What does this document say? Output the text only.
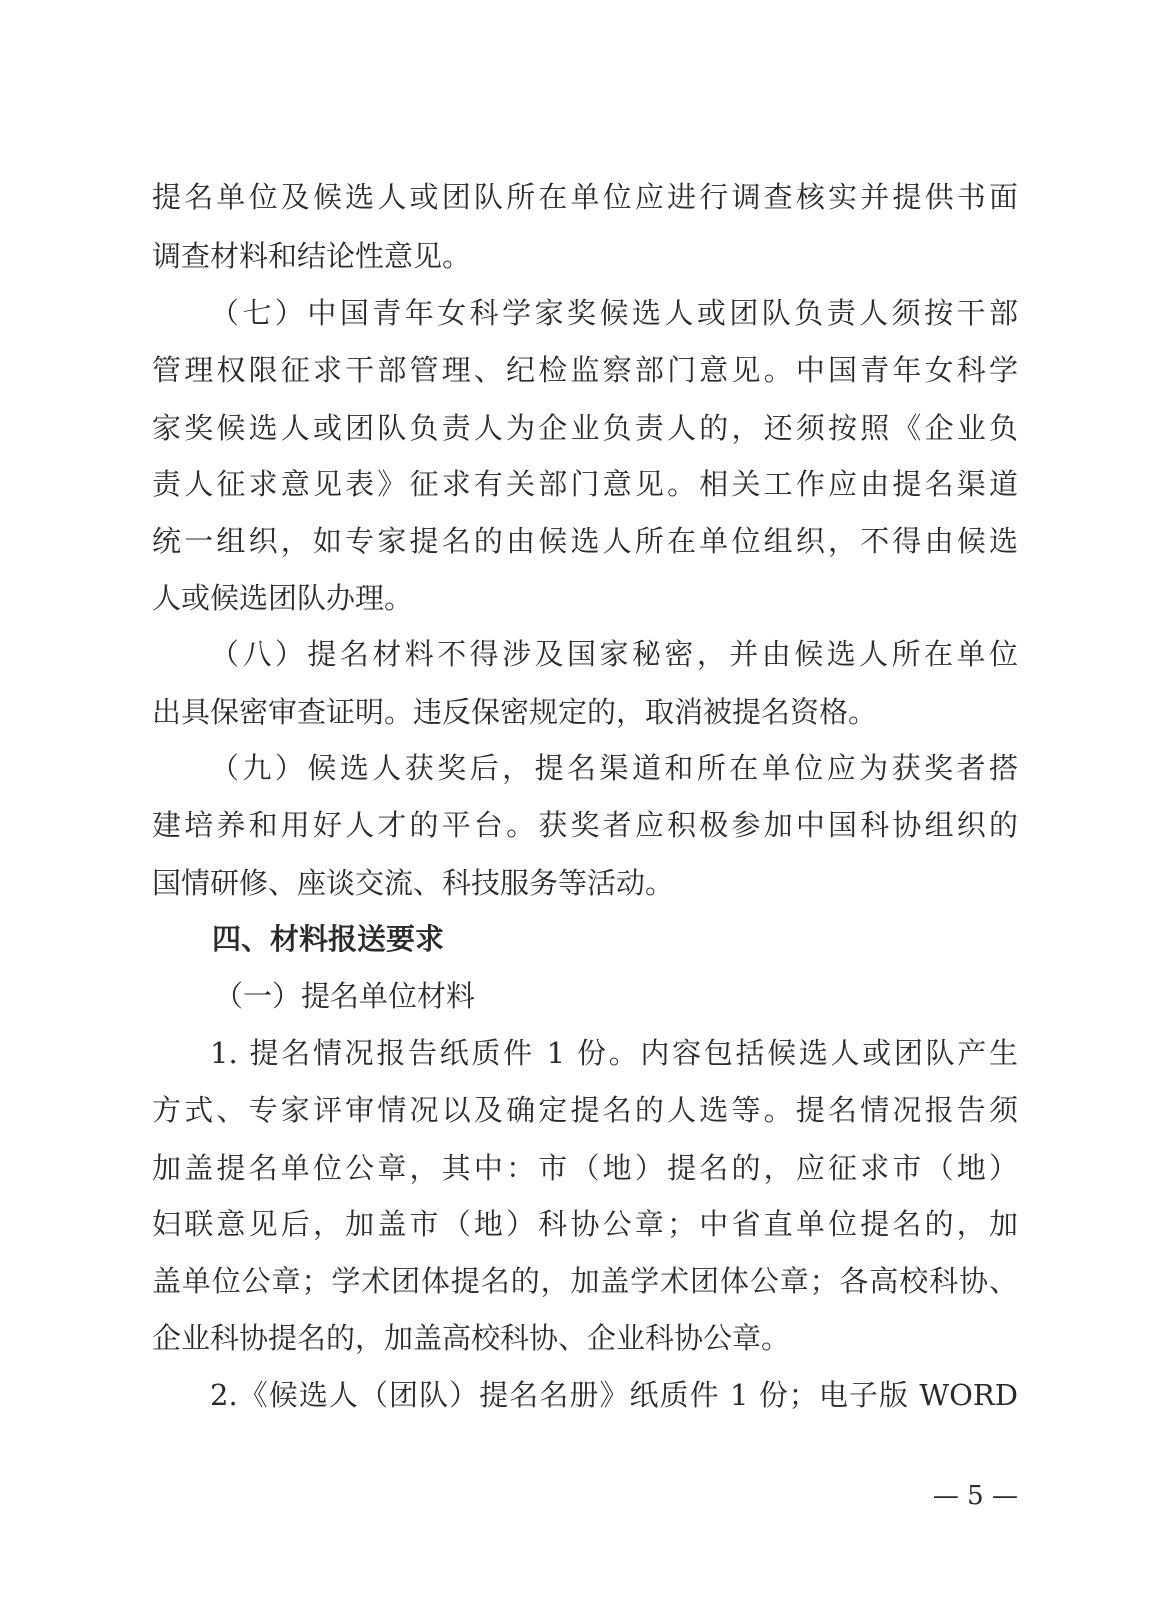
提名单位及候选人或团队所在单位应进行调查核实并提供书面
调查材料和结论性意见。
（七）中国青年女科学家奖候选人或团队负责人须按干部
管理权限征求干部管理、纪检监察部门意见。中国青年女科学
家奖候选人或团队负责人为企业负责人的，还须按照《企业负
责人征求意见表》征求有关部门意见。相关工作应由提名渠道
统一组织，如专家提名的由候选人所在单位组织，不得由候选
人或候选团队办理。
（八）提名材料不得涉及国家秘密，并由候选人所在单位
出具保密审查证明。违反保密规定的，取消被提名资格。
（九）候选人获奖后，提名渠道和所在单位应为获奖者搭
建培养和用好人才的平台。获奖者应积极参加中国科协组织的
国情研修、座谈交流、科技服务等活动。
四、材料报送要求
（一）提名单位材料
1. 提名情况报告纸质件 1 份。内容包括候选人或团队产生
方式、专家评审情况以及确定提名的人选等。提名情况报告须
加盖提名单位公章，其中：市（地）提名的，应征求市（地）
妇联意见后，加盖市（地）科协公章；中省直单位提名的，加
盖单位公章；学术团体提名的，加盖学术团体公章；各高校科协、
企业科协提名的，加盖高校科协、企业科协公章。
2.《候选人（团队）提名名册》纸质件 1 份；电子版 WORD
— 5 —
